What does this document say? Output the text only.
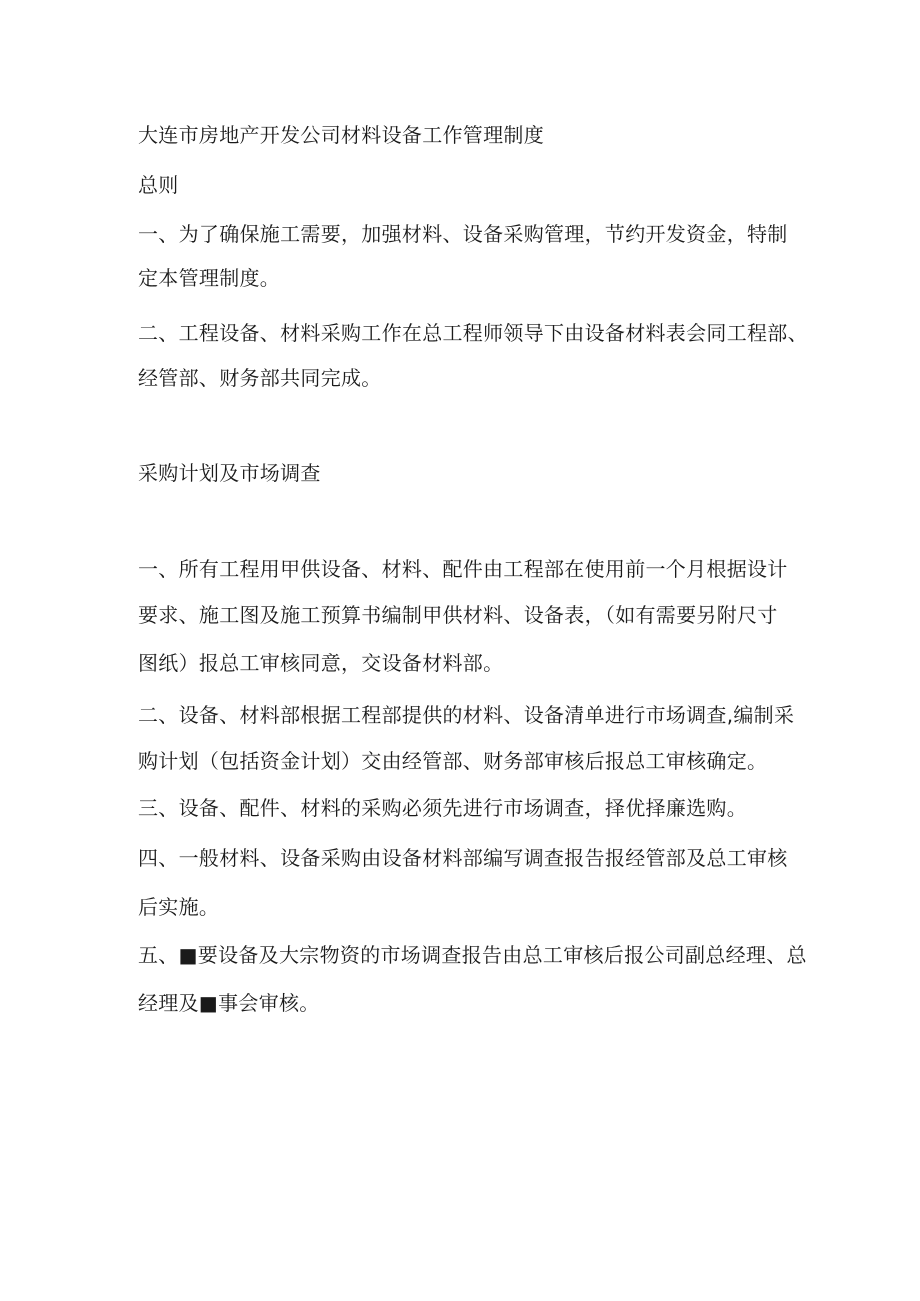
大连市房地产开发公司材料设备工作管理制度
总则
一、为了确保施工需要，加强材料、设备采购管理，节约开发资金，特制
定本管理制度。
二、工程设备、材料采购工作在总工程师领导下由设备材料表会同工程部、
经管部、财务部共同完成。
采购计划及市场调查
一、所有工程用甲供设备、材料、配件由工程部在使用前一个月根据设计
要求、施工图及施工预算书编制甲供材料、设备表，（如有需要另附尺寸
图纸）报总工审核同意，交设备材料部。
二、设备、材料部根据工程部提供的材料、设备清单进行市场调查,编制采
购计划（包括资金计划）交由经管部、财务部审核后报总工审核确定。
三、设备、配件、材料的采购必须先进行市场调查，择优择廉选购。
四、一般材料、设备采购由设备材料部编写调查报告报经管部及总工审核
后实施。
五、■要设备及大宗物资的市场调查报告由总工审核后报公司副总经理、总
经理及■事会审核。
